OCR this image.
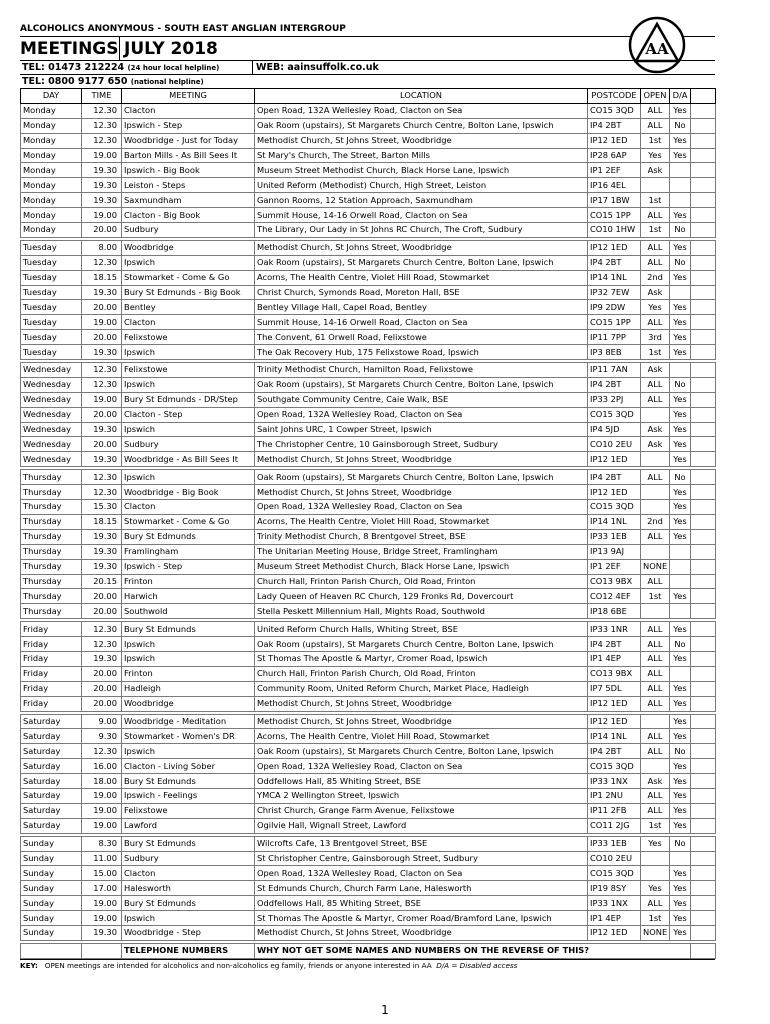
ALCOHOLICS ANONYMOUS - SOUTH EAST ANGLIAN INTERGROUP
MEETINGS JULY 2018
TEL: 01473 212224 (24 hour local helpline)	WEB: aainsuffolk.co.uk
TEL: 0800 9177 650 (national helpline)
AA
DAY	TIME	MEETING	LOCATION	POSTCODE	OPEN	D/A	
Monday	12.30	Clacton	Open Road, 132A Wellesley Road, Clacton on Sea	CO15 3QD	ALL	Yes	
Monday	12.30	Ipswich - Step	Oak Room (upstairs), St Margarets Church Centre, Bolton Lane, Ipswich	IP4 2BT	ALL	No	
Monday	12.30	Woodbridge - Just for Today	Methodist Church, St Johns Street, Woodbridge	IP12 1ED	1st	Yes	
Monday	19.00	Barton Mills - As Bill Sees It	St Mary's Church, The Street, Barton Mills	IP28 6AP	Yes	Yes	
Monday	19.30	Ipswich - Big Book	Museum Street Methodist Church, Black Horse Lane, Ipswich	IP1 2EF	Ask		
Monday	19.30	Leiston - Steps	United Reform (Methodist) Church, High Street, Leiston	IP16 4EL			
Monday	19.30	Saxmundham	Gannon Rooms, 12 Station Approach, Saxmundham	IP17 1BW	1st		
Monday	19.00	Clacton - Big Book	Summit House, 14-16 Orwell Road, Clacton on Sea	CO15 1PP	ALL	Yes	
Monday	20.00	Sudbury	The Library, Our Lady in St Johns RC Church, The Croft, Sudbury	CO10 1HW	1st	No	

Tuesday	8.00	Woodbridge	Methodist Church, St Johns Street, Woodbridge	IP12 1ED	ALL	Yes	
Tuesday	12.30	Ipswich	Oak Room (upstairs), St Margarets Church Centre, Bolton Lane, Ipswich	IP4 2BT	ALL	No	
Tuesday	18.15	Stowmarket - Come & Go	Acorns, The Health Centre, Violet Hill Road, Stowmarket	IP14 1NL	2nd	Yes	
Tuesday	19.30	Bury St Edmunds - Big Book	Christ Church, Symonds Road, Moreton Hall, BSE	IP32 7EW	Ask		
Tuesday	20.00	Bentley	Bentley Village Hall, Capel Road, Bentley	IP9 2DW	Yes	Yes	
Tuesday	19.00	Clacton	Summit House, 14-16 Orwell Road, Clacton on Sea	CO15 1PP	ALL	Yes	
Tuesday	20.00	Felixstowe	The Convent, 61 Orwell Road, Felixstowe	IP11 7PP	3rd	Yes	
Tuesday	19.30	Ipswich	The Oak Recovery Hub, 175 Felixstowe Road, Ipswich	IP3 8EB	1st	Yes	

Wednesday	12.30	Felixstowe	Trinity Methodist Church, Hamilton Road, Felixstowe	IP11 7AN	Ask		
Wednesday	12.30	Ipswich	Oak Room (upstairs), St Margarets Church Centre, Bolton Lane, Ipswich	IP4 2BT	ALL	No	
Wednesday	19.00	Bury St Edmunds - DR/Step	Southgate Community Centre, Caie Walk, BSE	IP33 2PJ	ALL	Yes	
Wednesday	20.00	Clacton - Step	Open Road, 132A Wellesley Road, Clacton on Sea	CO15 3QD		Yes	
Wednesday	19.30	Ipswich	Saint Johns URC, 1 Cowper Street, Ipswich	IP4 5JD	Ask	Yes	
Wednesday	20.00	Sudbury	The Christopher Centre, 10 Gainsborough Street, Sudbury	CO10 2EU	Ask	Yes	
Wednesday	19.30	Woodbridge - As Bill Sees It	Methodist Church, St Johns Street, Woodbridge	IP12 1ED		Yes	

Thursday	12.30	Ipswich	Oak Room (upstairs), St Margarets Church Centre, Bolton Lane, Ipswich	IP4 2BT	ALL	No	
Thursday	12.30	Woodbridge - Big Book	Methodist Church, St Johns Street, Woodbridge	IP12 1ED		Yes	
Thursday	15.30	Clacton	Open Road, 132A Wellesley Road, Clacton on Sea	CO15 3QD		Yes	
Thursday	18.15	Stowmarket - Come & Go	Acorns, The Health Centre, Violet Hill Road, Stowmarket	IP14 1NL	2nd	Yes	
Thursday	19.30	Bury St Edmunds	Trinity Methodist Church, 8 Brentgovel Street, BSE	IP33 1EB	ALL	Yes	
Thursday	19.30	Framlingham	The Unitarian Meeting House, Bridge Street, Framlingham	IP13 9AJ			
Thursday	19.30	Ipswich - Step	Museum Street Methodist Church, Black Horse Lane, Ipswich	IP1 2EF	NONE		
Thursday	20.15	Frinton	Church Hall, Frinton Parish Church, Old Road, Frinton	CO13 9BX	ALL		
Thursday	20.00	Harwich	Lady Queen of Heaven RC Church, 129 Fronks Rd, Dovercourt	CO12 4EF	1st	Yes	
Thursday	20.00	Southwold	Stella Peskett Millennium Hall, Mights Road, Southwold	IP18 6BE			

Friday	12.30	Bury St Edmunds	United Reform Church Halls, Whiting Street, BSE	IP33 1NR	ALL	Yes	
Friday	12.30	Ipswich	Oak Room (upstairs), St Margarets Church Centre, Bolton Lane, Ipswich	IP4 2BT	ALL	No	
Friday	19.30	Ipswich	St Thomas The Apostle & Martyr, Cromer Road, Ipswich	IP1 4EP	ALL	Yes	
Friday	20.00	Frinton	Church Hall, Frinton Parish Church, Old Road, Frinton	CO13 9BX	ALL		
Friday	20.00	Hadleigh	Community Room, United Reform Church, Market Place, Hadleigh	IP7 5DL	ALL	Yes	
Friday	20.00	Woodbridge	Methodist Church, St Johns Street, Woodbridge	IP12 1ED	ALL	Yes	

Saturday	9.00	Woodbridge - Meditation	Methodist Church, St Johns Street, Woodbridge	IP12 1ED		Yes	
Saturday	9.30	Stowmarket - Women's DR	Acorns, The Health Centre, Violet Hill Road, Stowmarket	IP14 1NL	ALL	Yes	
Saturday	12.30	Ipswich	Oak Room (upstairs), St Margarets Church Centre, Bolton Lane, Ipswich	IP4 2BT	ALL	No	
Saturday	16.00	Clacton - Living Sober	Open Road, 132A Wellesley Road, Clacton on Sea	CO15 3QD		Yes	
Saturday	18.00	Bury St Edmunds	Oddfellows Hall, 85 Whiting Street, BSE	IP33 1NX	Ask	Yes	
Saturday	19.00	Ipswich - Feelings	YMCA 2 Wellington Street, Ipswich	IP1 2NU	ALL	Yes	
Saturday	19.00	Felixstowe	Christ Church, Grange Farm Avenue, Felixstowe	IP11 2FB	ALL	Yes	
Saturday	19.00	Lawford	Ogilvie Hall, Wignall Street, Lawford	CO11 2JG	1st	Yes	

Sunday	8.30	Bury St Edmunds	Wilcrofts Cafe, 13 Brentgovel Street, BSE	IP33 1EB	Yes	No	
Sunday	11.00	Sudbury	St Christopher Centre, Gainsborough Street, Sudbury	CO10 2EU			
Sunday	15.00	Clacton	Open Road, 132A Wellesley Road, Clacton on Sea	CO15 3QD		Yes	
Sunday	17.00	Halesworth	St Edmunds Church, Church Farm Lane, Halesworth	IP19 8SY	Yes	Yes	
Sunday	19.00	Bury St Edmunds	Oddfellows Hall, 85 Whiting Street, BSE	IP33 1NX	ALL	Yes	
Sunday	19.00	Ipswich	St Thomas The Apostle & Martyr, Cromer Road/Bramford Lane, Ipswich	IP1 4EP	1st	Yes	
Sunday	19.30	Woodbridge - Step	Methodist Church, St Johns Street, Woodbridge	IP12 1ED	NONE	Yes	

		TELEPHONE NUMBERS	WHY NOT GET SOME NAMES AND NUMBERS ON THE REVERSE OF THIS?				
KEY: OPEN meetings are intended for alcoholics and non-alcoholics eg family, friends or anyone interested in AA D/A = Disabled access
1
